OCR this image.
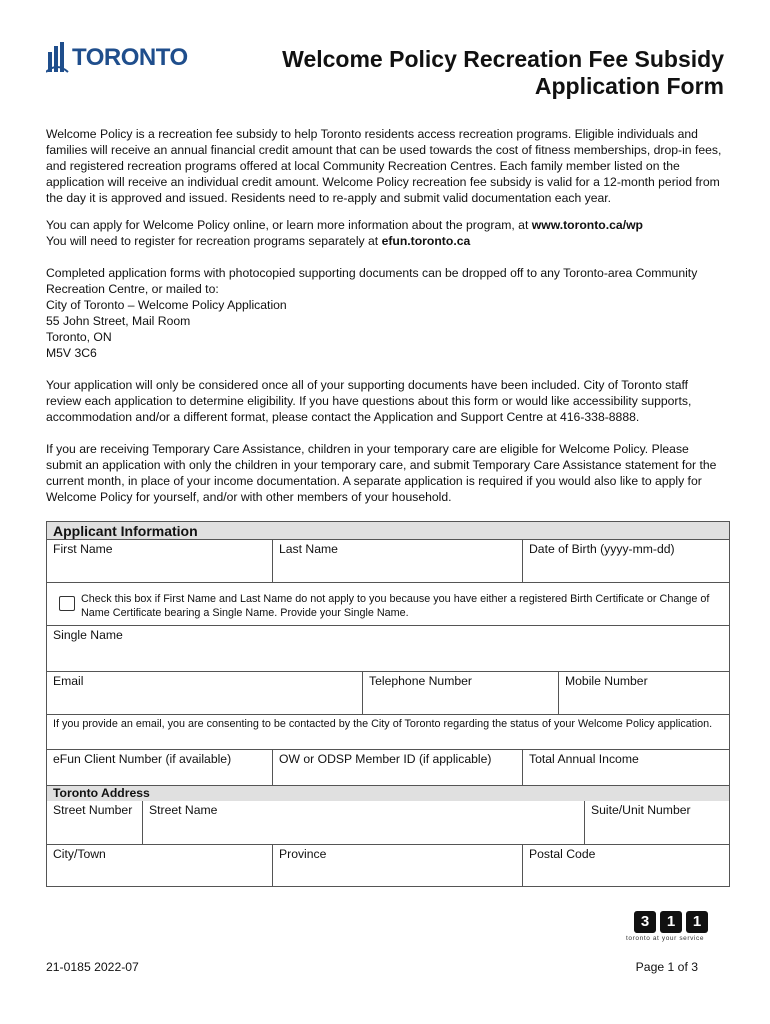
TORONTO	Welcome Policy Recreation Fee Subsidy
Application Form

Welcome Policy is a recreation fee subsidy to help Toronto residents access recreation programs. Eligible individuals and families will receive an annual financial credit amount that can be used towards the cost of fitness memberships, drop-in fees, and registered recreation programs offered at local Community Recreation Centres. Each family member listed on the application will receive an individual credit amount. Welcome Policy recreation fee subsidy is valid for a 12-month period from the day it is approved and issued. Residents need to re-apply and submit valid documentation each year.

You can apply for Welcome Policy online, or learn more information about the program, at www.toronto.ca/wp

You will need to register for recreation programs separately at efun.toronto.ca

Completed application forms with photocopied supporting documents can be dropped off to any Toronto-area Community Recreation Centre, or mailed to:

City of Toronto – Welcome Policy Application

55 John Street, Mail Room

Toronto, ON

M5V 3C6

Your application will only be considered once all of your supporting documents have been included. City of Toronto staff review each application to determine eligibility. If you have questions about this form or would like accessibility supports, accommodation and/or a different format, please contact the Application and Support Centre at 416-338-8888.

If you are receiving Temporary Care Assistance, children in your temporary care are eligible for Welcome Policy. Please submit an application with only the children in your temporary care, and submit Temporary Care Assistance statement for the current month, in place of your income documentation. A separate application is required if you would also like to apply for Welcome Policy for yourself, and/or with other members of your household.

Applicant Information
First Name	Last Name	Date of Birth (yyyy-mm-dd)
Check this box if First Name and Last Name do not apply to you because you have either a registered Birth Certificate or Change of Name Certificate bearing a Single Name. Provide your Single Name.
Single Name
Email	Telephone Number	Mobile Number
If you provide an email, you are consenting to be contacted by the City of Toronto regarding the status of your Welcome Policy application.
eFun Client Number (if available)	OW or ODSP Member ID (if applicable)	Total Annual Income
Toronto Address
Street Number	Street Name	Suite/Unit Number
City/Town	Province	Postal Code
3	1	1
toronto at your service
21-0185 2022-07	Page 1 of 3
